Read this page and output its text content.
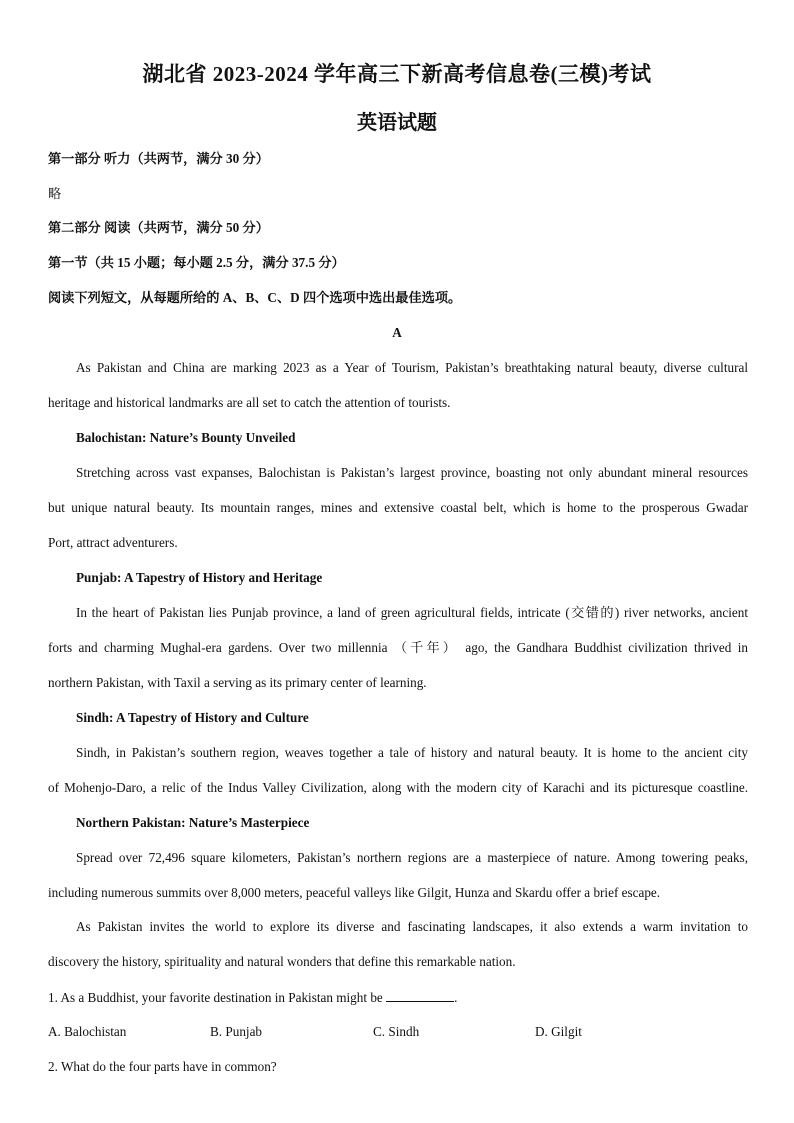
湖北省 2023-2024 学年高三下新高考信息卷(三模)考试
英语试题
第一部分 听力（共两节，满分 30 分）
略
第二部分 阅读（共两节，满分 50 分）
第一节（共 15 小题；每小题 2.5 分，满分 37.5 分）
阅读下列短文，从每题所给的 A、B、C、D 四个选项中选出最佳选项。
A
As Pakistan and China are marking 2023 as a Year of Tourism, Pakistan’s breathtaking natural beauty, diverse cultural
heritage and historical landmarks are all set to catch the attention of tourists.
Balochistan: Nature’s Bounty Unveiled
Stretching across vast expanses, Balochistan is Pakistan’s largest province, boasting not only abundant mineral resources
but unique natural beauty. Its mountain ranges, mines and extensive coastal belt, which is home to the prosperous Gwadar
Port, attract adventurers.
Punjab: A Tapestry of History and Heritage
In the heart of Pakistan lies Punjab province, a land of green agricultural fields, intricate (交错的) river networks, ancient
forts and charming Mughal-era gardens. Over two millennia （千年） ago, the Gandhara Buddhist civilization thrived in
northern Pakistan, with Taxil a serving as its primary center of learning.
Sindh: A Tapestry of History and Culture
Sindh, in Pakistan’s southern region, weaves together a tale of history and natural beauty. It is home to the ancient city
of Mohenjo-Daro, a relic of the Indus Valley Civilization, along with the modern city of Karachi and its picturesque coastline.
Northern Pakistan: Nature’s Masterpiece
Spread over 72,496 square kilometers, Pakistan’s northern regions are a masterpiece of nature. Among towering peaks,
including numerous summits over 8,000 meters, peaceful valleys like Gilgit, Hunza and Skardu offer a brief escape.
As Pakistan invites the world to explore its diverse and fascinating landscapes, it also extends a warm invitation to
discovery the history, spirituality and natural wonders that define this remarkable nation.
1. As a Buddhist, your favorite destination in Pakistan might be	.
A. Balochistan	B. Punjab	C. Sindh	D. Gilgit
2. What do the four parts have in common?
